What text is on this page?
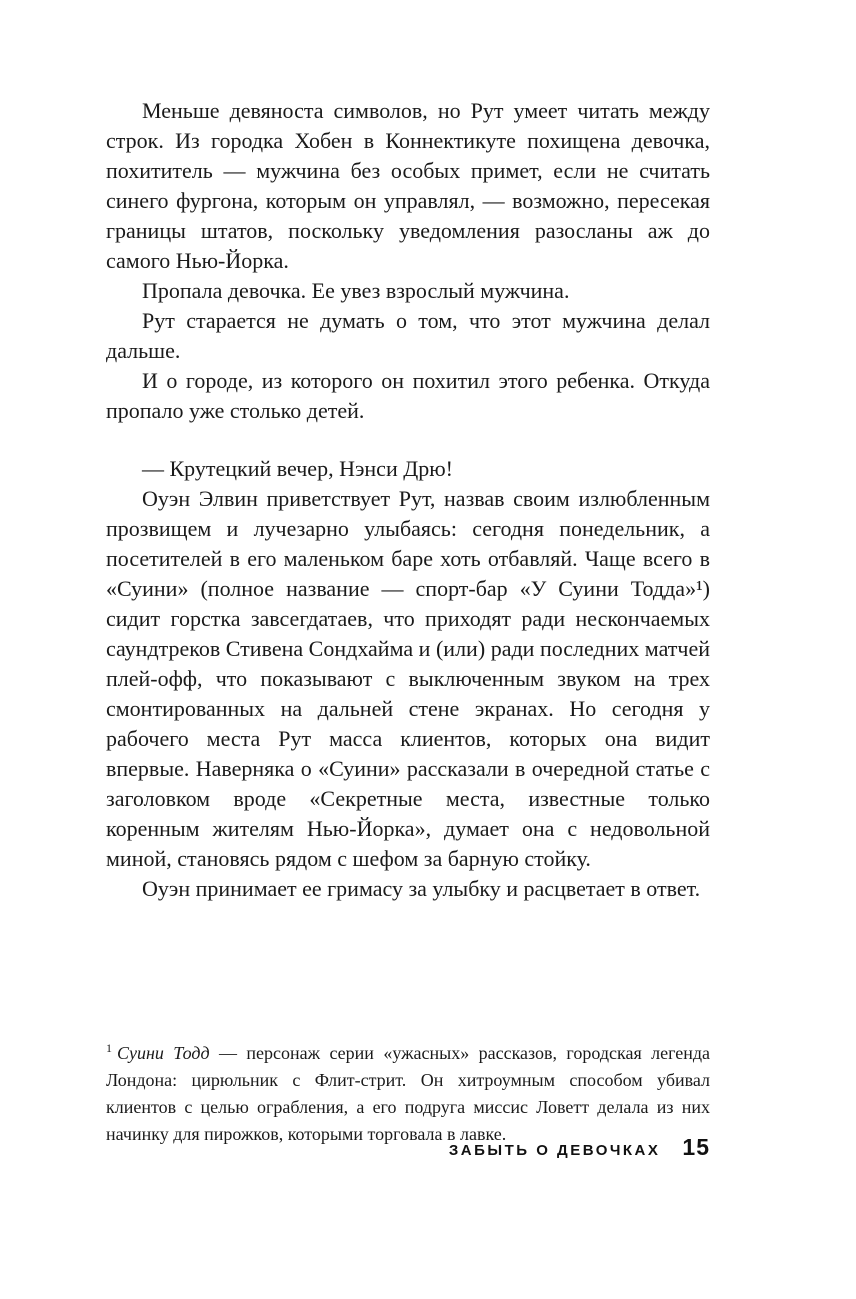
Меньше девяноста символов, но Рут умеет читать между строк. Из городка Хобен в Коннектикуте похищена девочка, похититель — мужчина без особых примет, если не считать синего фургона, которым он управлял, — возможно, пересекая границы штатов, поскольку уведомления разосланы аж до самого Нью-Йорка.

Пропала девочка. Ее увез взрослый мужчина.

Рут старается не думать о том, что этот мужчина делал дальше.

И о городе, из которого он похитил этого ребенка. Откуда пропало уже столько детей.

— Крутецкий вечер, Нэнси Дрю!

Оуэн Элвин приветствует Рут, назвав своим излюбленным прозвищем и лучезарно улыбаясь: сегодня понедельник, а посетителей в его маленьком баре хоть отбавляй. Чаще всего в «Суини» (полное название — спорт-бар «У Суини Тодда»¹) сидит горстка завсегдатаев, что приходят ради нескончаемых саундтреков Стивена Сондхайма и (или) ради последних матчей плей-офф, что показывают с выключенным звуком на трех смонтированных на дальней стене экранах. Но сегодня у рабочего места Рут масса клиентов, которых она видит впервые. Наверняка о «Суини» рассказали в очередной статье с заголовком вроде «Секретные места, известные только коренным жителям Нью-Йорка», думает она с недовольной миной, становясь рядом с шефом за барную стойку.

Оуэн принимает ее гримасу за улыбку и расцветает в ответ.

$^1$ Суини Тодд — персонаж серии «ужасных» рассказов, городская легенда Лондона: цирюльник с Флит-стрит. Он хитроумным способом убивал клиентов с целью ограбления, а его подруга миссис Ловетт делала из них начинку для пирожков, которыми торговала в лавке.

ЗАБЫТЬ О ДЕВОЧКАХ 15
